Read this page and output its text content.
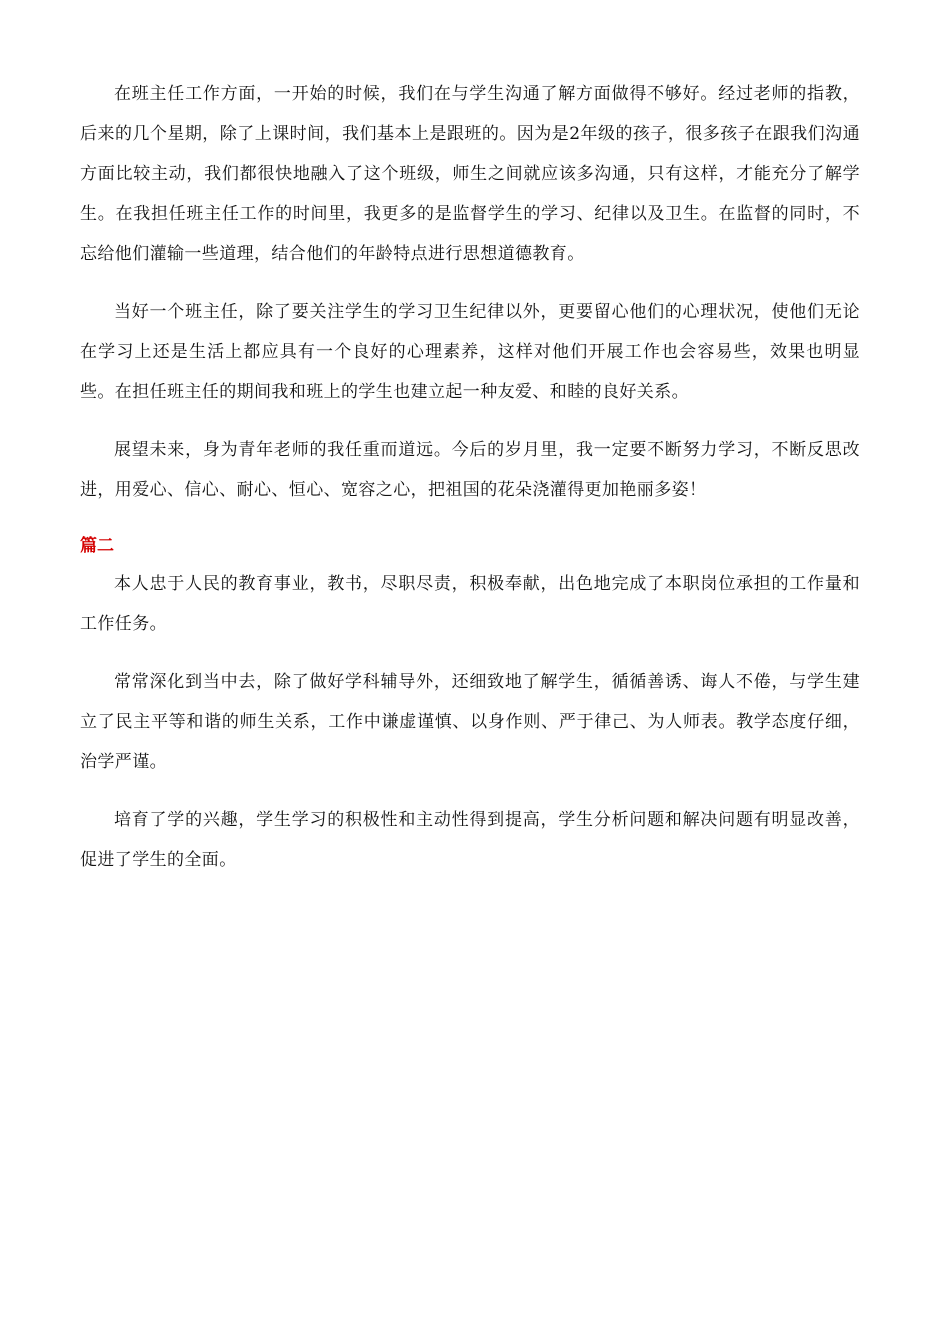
在班主任工作方面，一开始的时候，我们在与学生沟通了解方面做得不够好。经过老师的指教，后来的几个星期，除了上课时间，我们基本上是跟班的。因为是2年级的孩子，很多孩子在跟我们沟通方面比较主动，我们都很快地融入了这个班级，师生之间就应该多沟通，只有这样，才能充分了解学生。在我担任班主任工作的时间里，我更多的是监督学生的学习、纪律以及卫生。在监督的同时，不忘给他们灌输一些道理，结合他们的年龄特点进行思想道德教育。

当好一个班主任，除了要关注学生的学习卫生纪律以外，更要留心他们的心理状况，使他们无论在学习上还是生活上都应具有一个良好的心理素养，这样对他们开展工作也会容易些，效果也明显些。在担任班主任的期间我和班上的学生也建立起一种友爱、和睦的良好关系。

展望未来，身为青年老师的我任重而道远。今后的岁月里，我一定要不断努力学习，不断反思改进，用爱心、信心、耐心、恒心、宽容之心，把祖国的花朵浇灌得更加艳丽多姿！

篇二

本人忠于人民的教育事业，教书，尽职尽责，积极奉献，出色地完成了本职岗位承担的工作量和工作任务。

常常深化到当中去，除了做好学科辅导外，还细致地了解学生，循循善诱、诲人不倦，与学生建立了民主平等和谐的师生关系，工作中谦虚谨慎、以身作则、严于律己、为人师表。教学态度仔细，治学严谨。

培育了学的兴趣，学生学习的积极性和主动性得到提高，学生分析问题和解决问题有明显改善，促进了学生的全面。
